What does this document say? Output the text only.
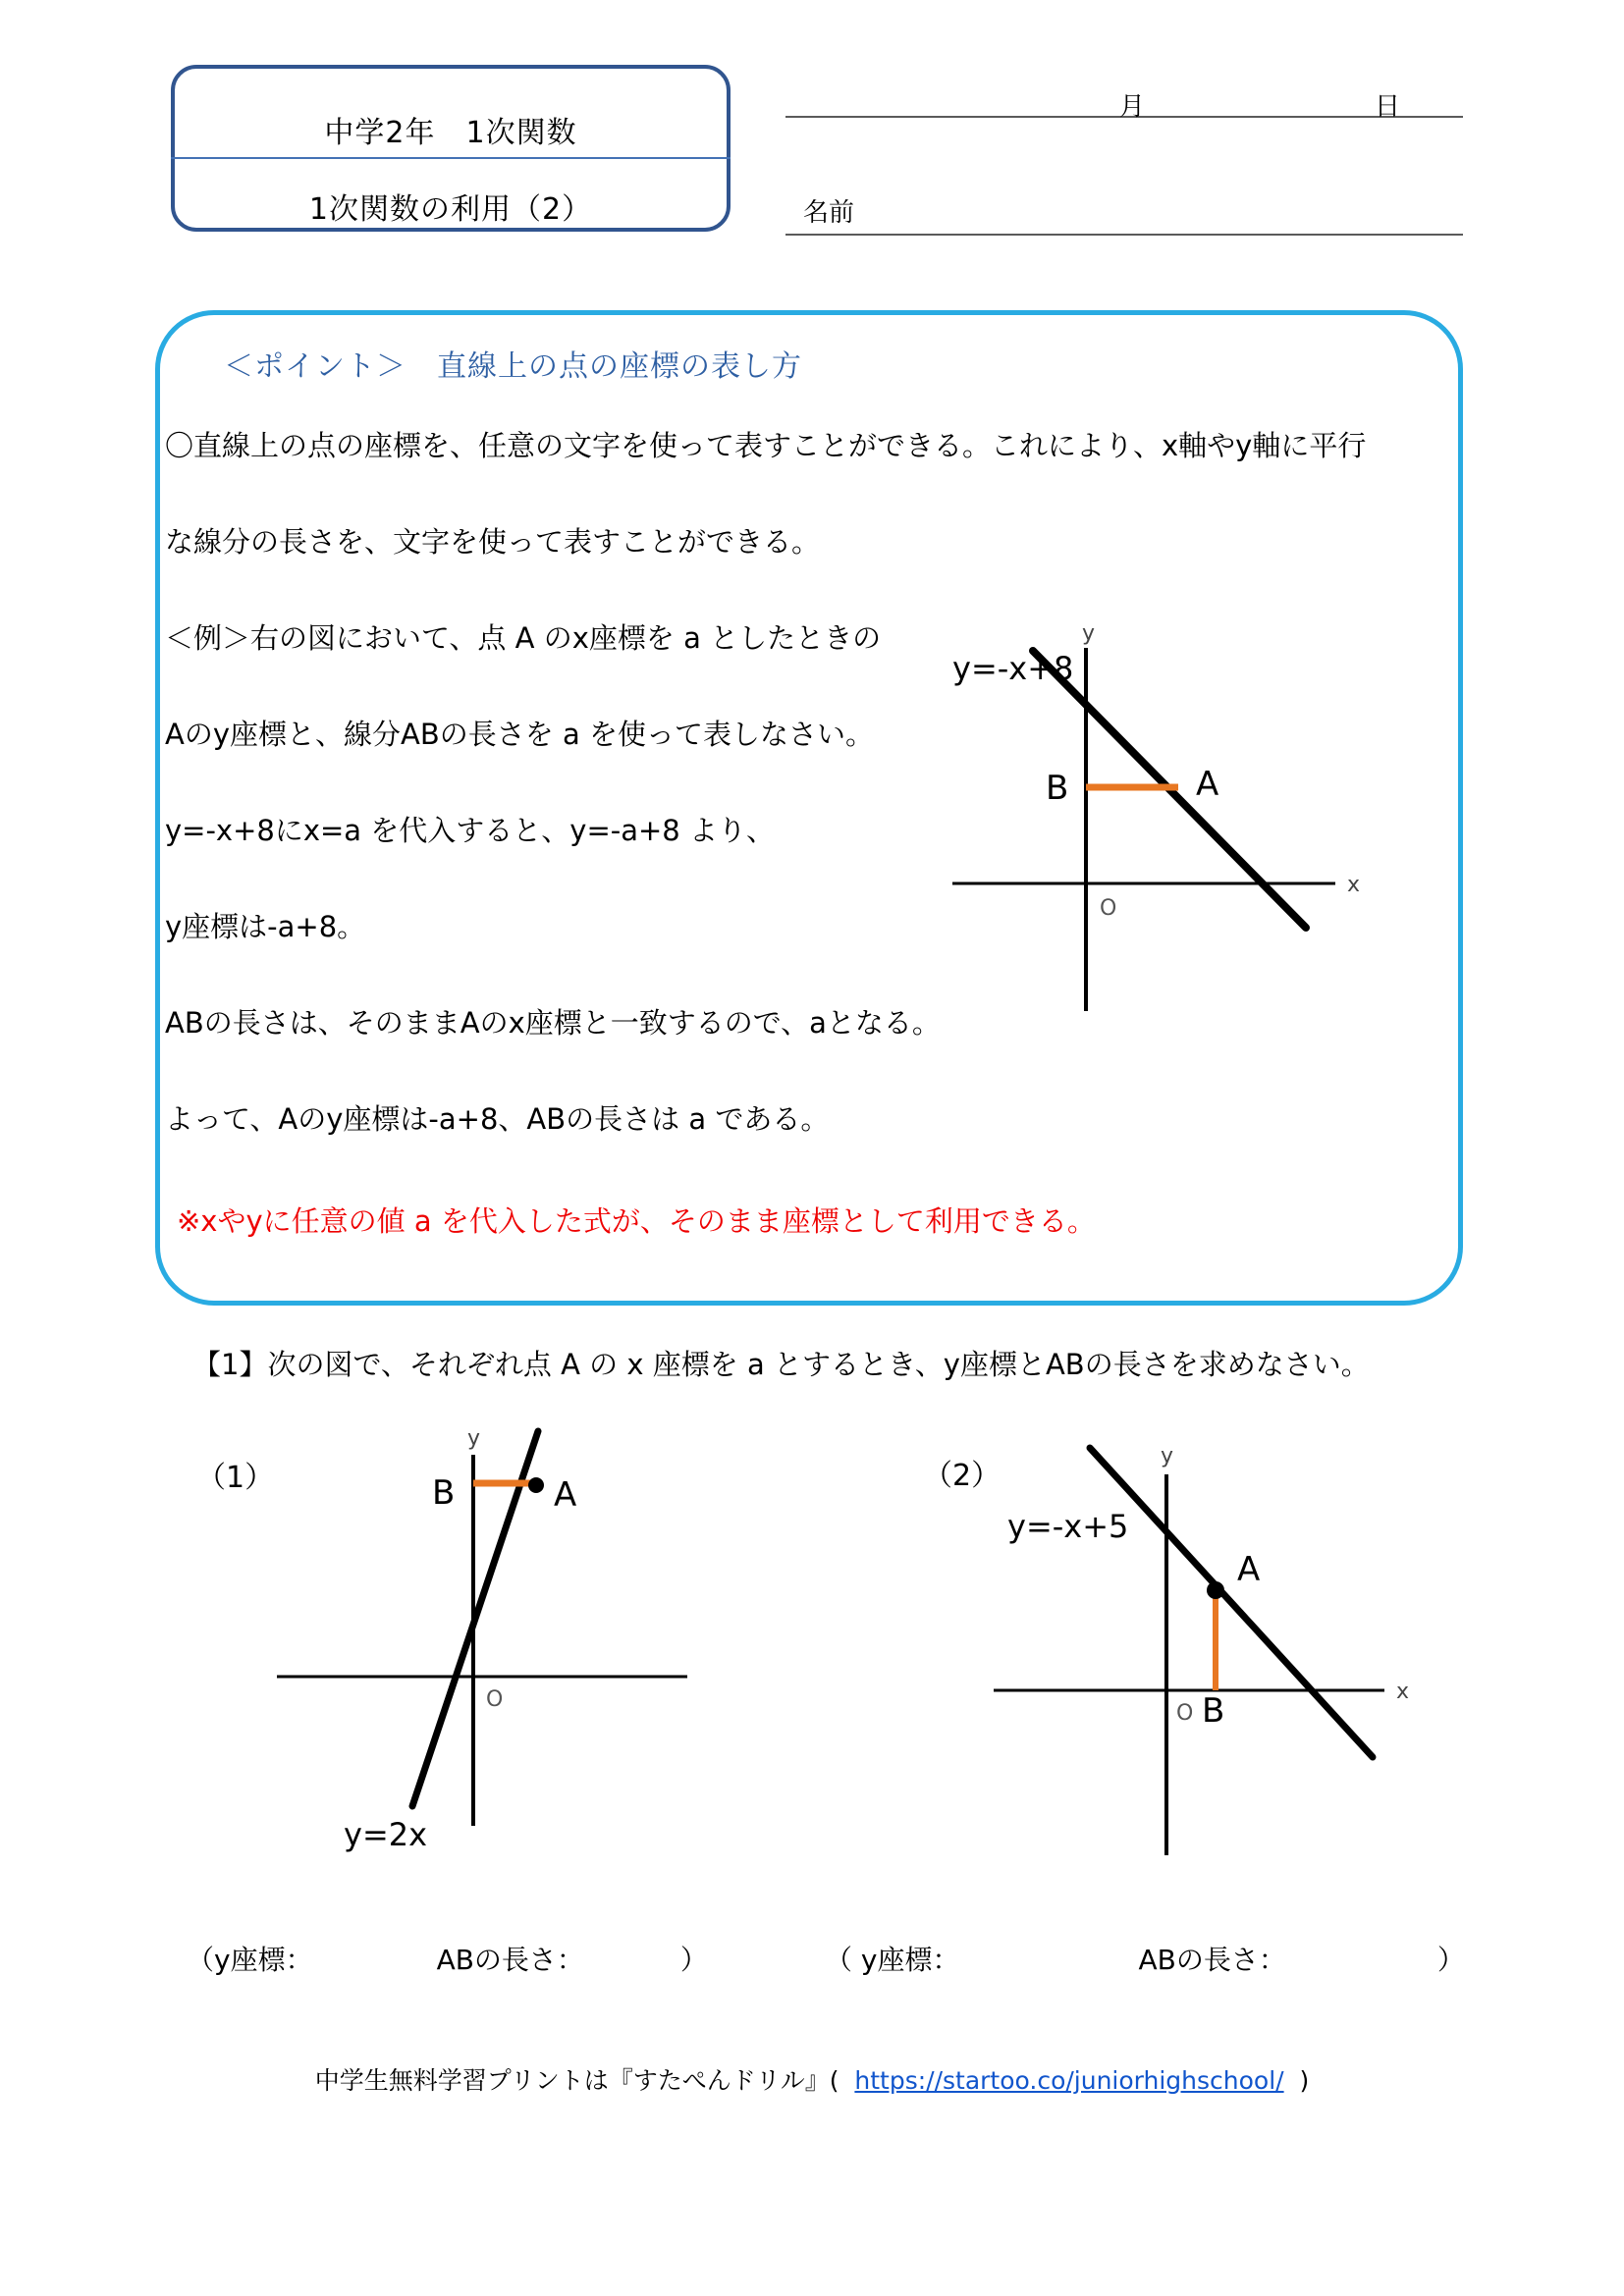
中学2年　1次関数
1次関数の利用（2）
月	日
名前
＜ポイント＞　直線上の点の座標の表し方
〇直線上の点の座標を、任意の文字を使って表すことができる。これにより、x軸やy軸に平行
な線分の長さを、文字を使って表すことができる。
＜例＞右の図において、点 A のx座標を a としたときの
Aのy座標と、線分ABの長さを a を使って表しなさい。
y=-x+8にx=a を代入すると、y=-a+8 より、
y座標は-a+8。
ABの長さは、そのままAのx座標と一致するので、aとなる。
よって、Aのy座標は-a+8、ABの長さは a である。
※xやyに任意の値 a を代入した式が、そのまま座標として利用できる。
y
x
O
B	A
y=-x+8
【1】次の図で、それぞれ点 A の x 座標を a とするとき、y座標とABの長さを求めなさい。
（1）	（2）
y
O
B	A
y=2x
y
x
O
A
B
y=-x+5
（y座標：　　　　　ABの長さ：　　　　）	（ y座標：　　　　　　　ABの長さ：　　　　　　）
中学生無料学習プリントは『すたぺんドリル』(  https://startoo.co/juniorhighschool/  )
